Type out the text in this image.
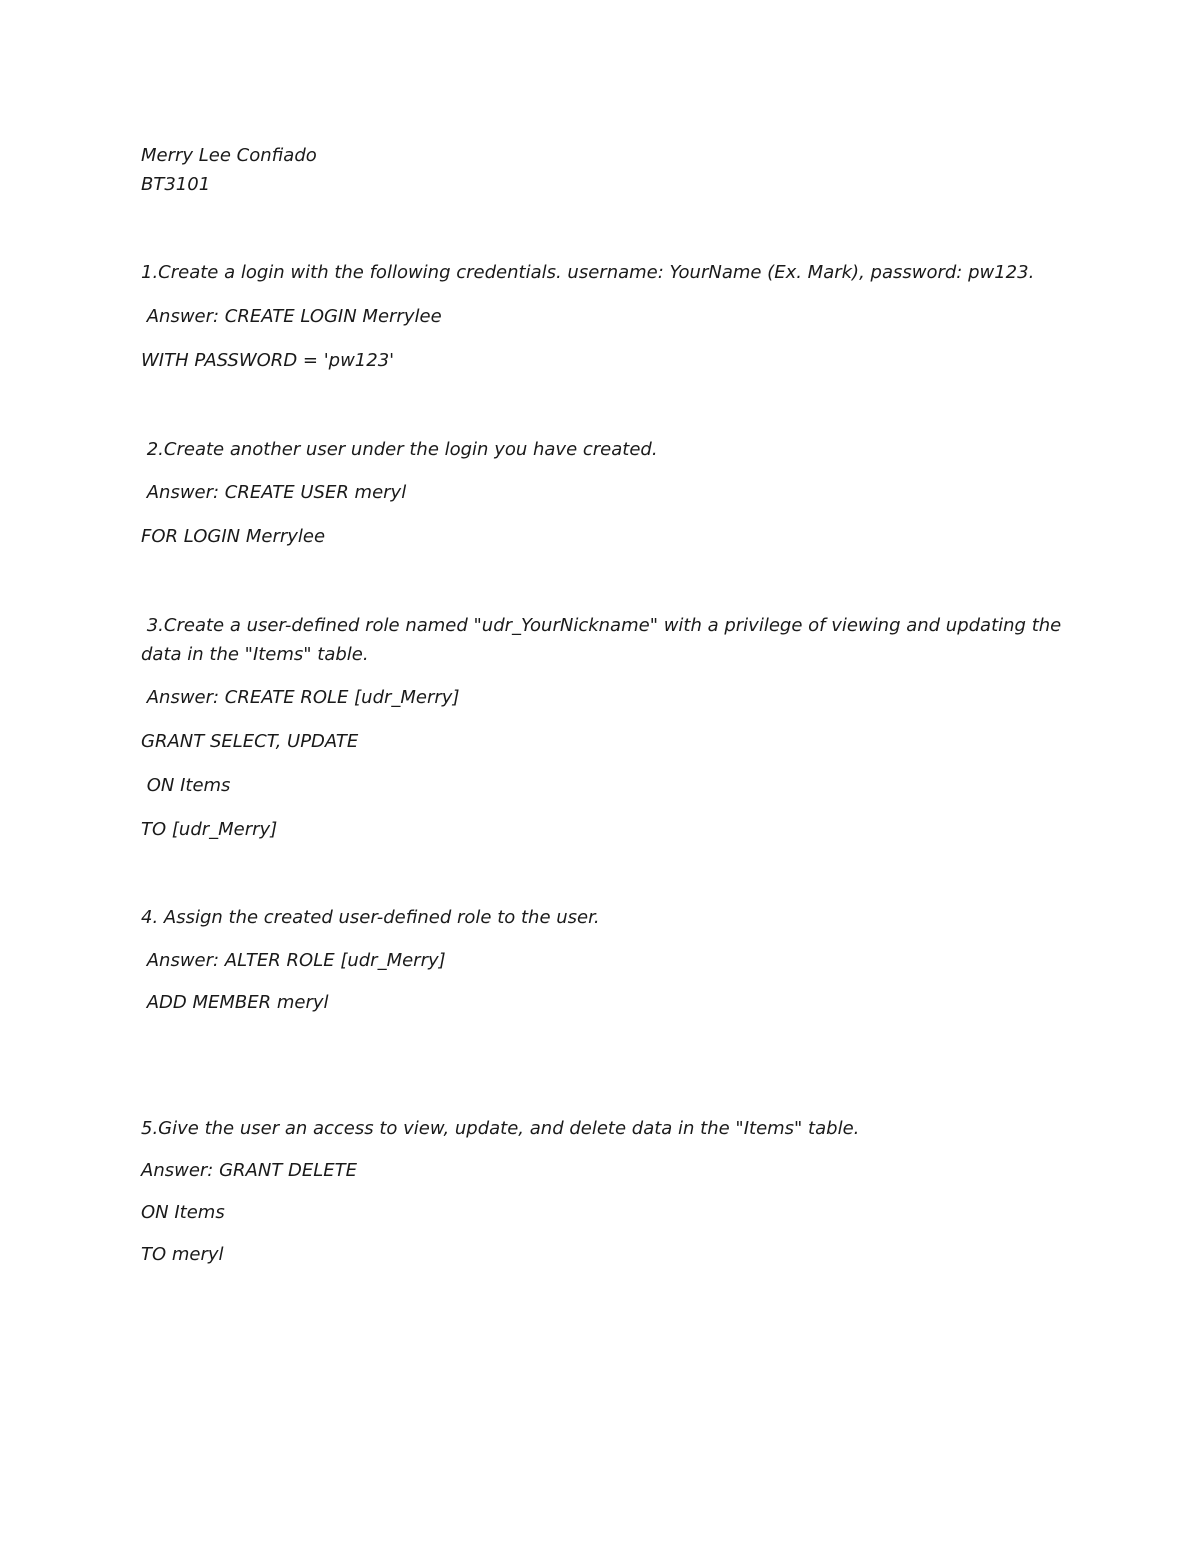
Merry Lee Confiado

BT3101

1.Create a login with the following credentials. username: YourName (Ex. Mark), password: pw123.

Answer: CREATE LOGIN Merrylee

WITH PASSWORD = 'pw123'

2.Create another user under the login you have created.

Answer: CREATE USER meryl

FOR LOGIN Merrylee

3.Create a user-defined role named "udr_YourNickname" with a privilege of viewing and updating the

data in the "Items" table.

Answer: CREATE ROLE [udr_Merry]

GRANT SELECT, UPDATE

ON Items

TO [udr_Merry]

4. Assign the created user-defined role to the user.

Answer: ALTER ROLE [udr_Merry]

ADD MEMBER meryl

5.Give the user an access to view, update, and delete data in the "Items" table.

Answer: GRANT DELETE

ON Items

TO meryl
